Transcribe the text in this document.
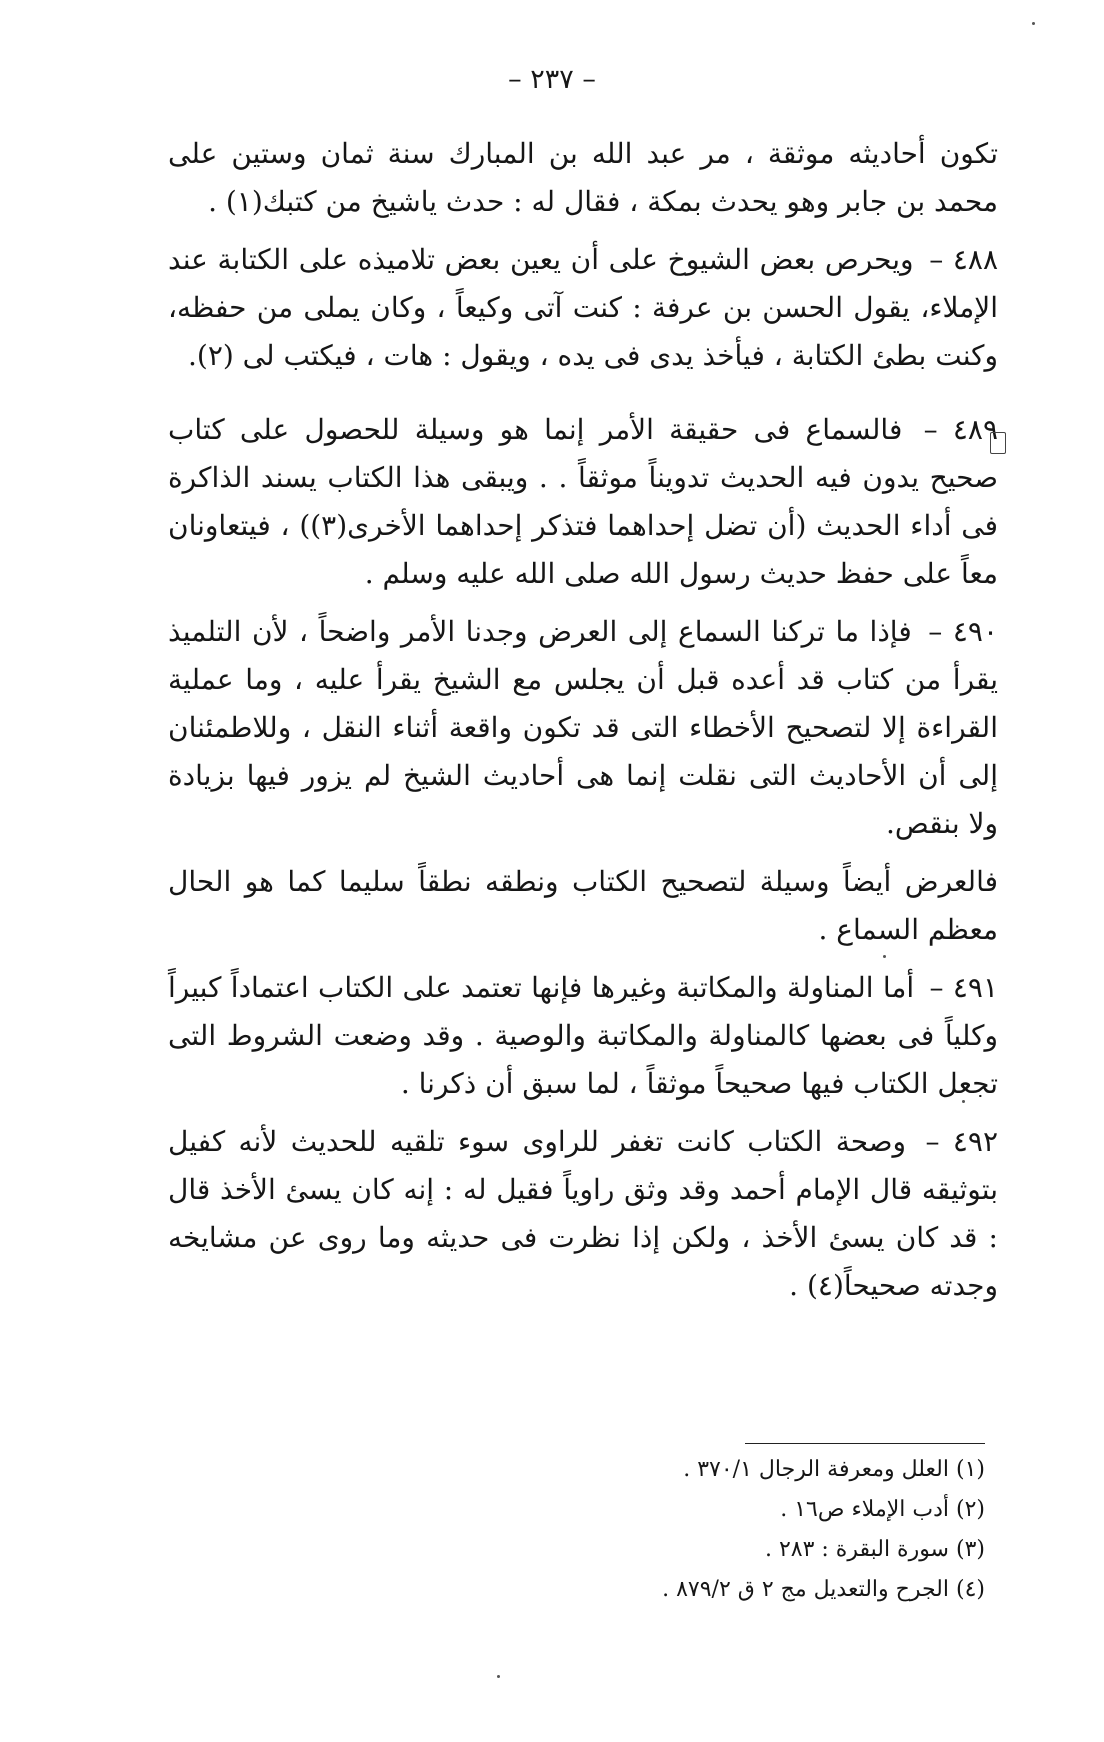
– ٢٣٧ –

تكون أحاديثه موثقة ، مر عبد الله بن المبارك سنة ثمان وستين على محمد بن جابر وهو يحدث بمكة ، فقال له : حدث ياشيخ من كتبك(١) .

٤٨٨ – ويحرص بعض الشيوخ على أن يعين بعض تلاميذه على الكتابة عند الإملاء، يقول الحسن بن عرفة : كنت آتى وكيعاً ، وكان يملى من حفظه، وكنت بطئ الكتابة ، فيأخذ يدى فى يده ، ويقول : هات ، فيكتب لى (٢).

٤٨٩ – فالسماع فى حقيقة الأمر إنما هو وسيلة للحصول على كتاب صحيح يدون فيه الحديث تدويناً موثقاً . . ويبقى هذا الكتاب يسند الذاكرة فى أداء الحديث (أن تضل إحداهما فتذكر إحداهما الأخرى(٣)) ، فيتعاونان معاً على حفظ حديث رسول الله صلى الله عليه وسلم .

٤٩٠ – فإذا ما تركنا السماع إلى العرض وجدنا الأمر واضحاً ، لأن التلميذ يقرأ من كتاب قد أعده قبل أن يجلس مع الشيخ يقرأ عليه ، وما عملية القراءة إلا لتصحيح الأخطاء التى قد تكون واقعة أثناء النقل ، وللاطمئنان إلى أن الأحاديث التى نقلت إنما هى أحاديث الشيخ لم يزور فيها بزيادة ولا بنقص.

فالعرض أيضاً وسيلة لتصحيح الكتاب ونطقه نطقاً سليما كما هو الحال معظم السماع .

٤٩١ – أما المناولة والمكاتبة وغيرها فإنها تعتمد على الكتاب اعتماداً كبيراً وكلياً فى بعضها كالمناولة والمكاتبة والوصية . وقد وضعت الشروط التى تجعل الكتاب فيها صحيحاً موثقاً ، لما سبق أن ذكرنا .

٤٩٢ – وصحة الكتاب كانت تغفر للراوى سوء تلقيه للحديث لأنه كفيل بتوثيقه قال الإمام أحمد وقد وثق راوياً فقيل له : إنه كان يسئ الأخذ قال : قد كان يسئ الأخذ ، ولكن إذا نظرت فى حديثه وما روى عن مشايخه وجدته صحيحاً(٤) .

(١) العلل ومعرفة الرجال ٣٧٠/١ .

(٢) أدب الإملاء ص١٦ .

(٣) سورة البقرة : ٢٨٣ .

(٤) الجرح والتعديل مج ٢ ق ٨٧٩/٢ .
